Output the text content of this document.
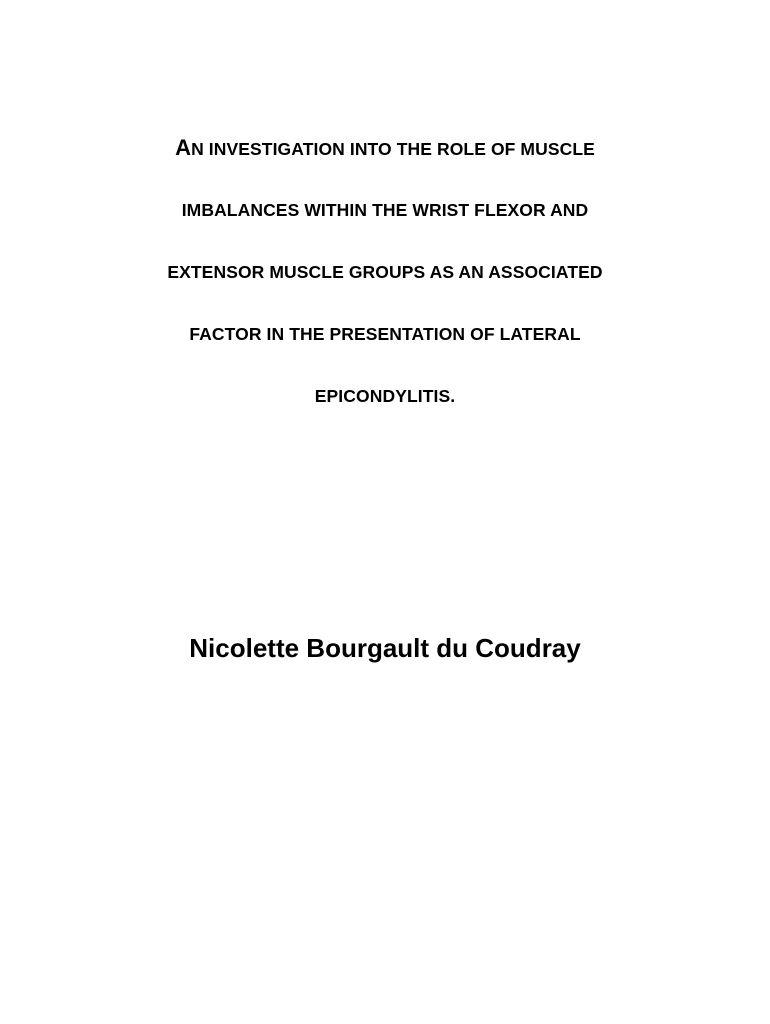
AN INVESTIGATION INTO THE ROLE OF MUSCLE
IMBALANCES WITHIN THE WRIST FLEXOR AND
EXTENSOR MUSCLE GROUPS AS AN ASSOCIATED
FACTOR IN THE PRESENTATION OF LATERAL
EPICONDYLITIS.
Nicolette Bourgault du Coudray
